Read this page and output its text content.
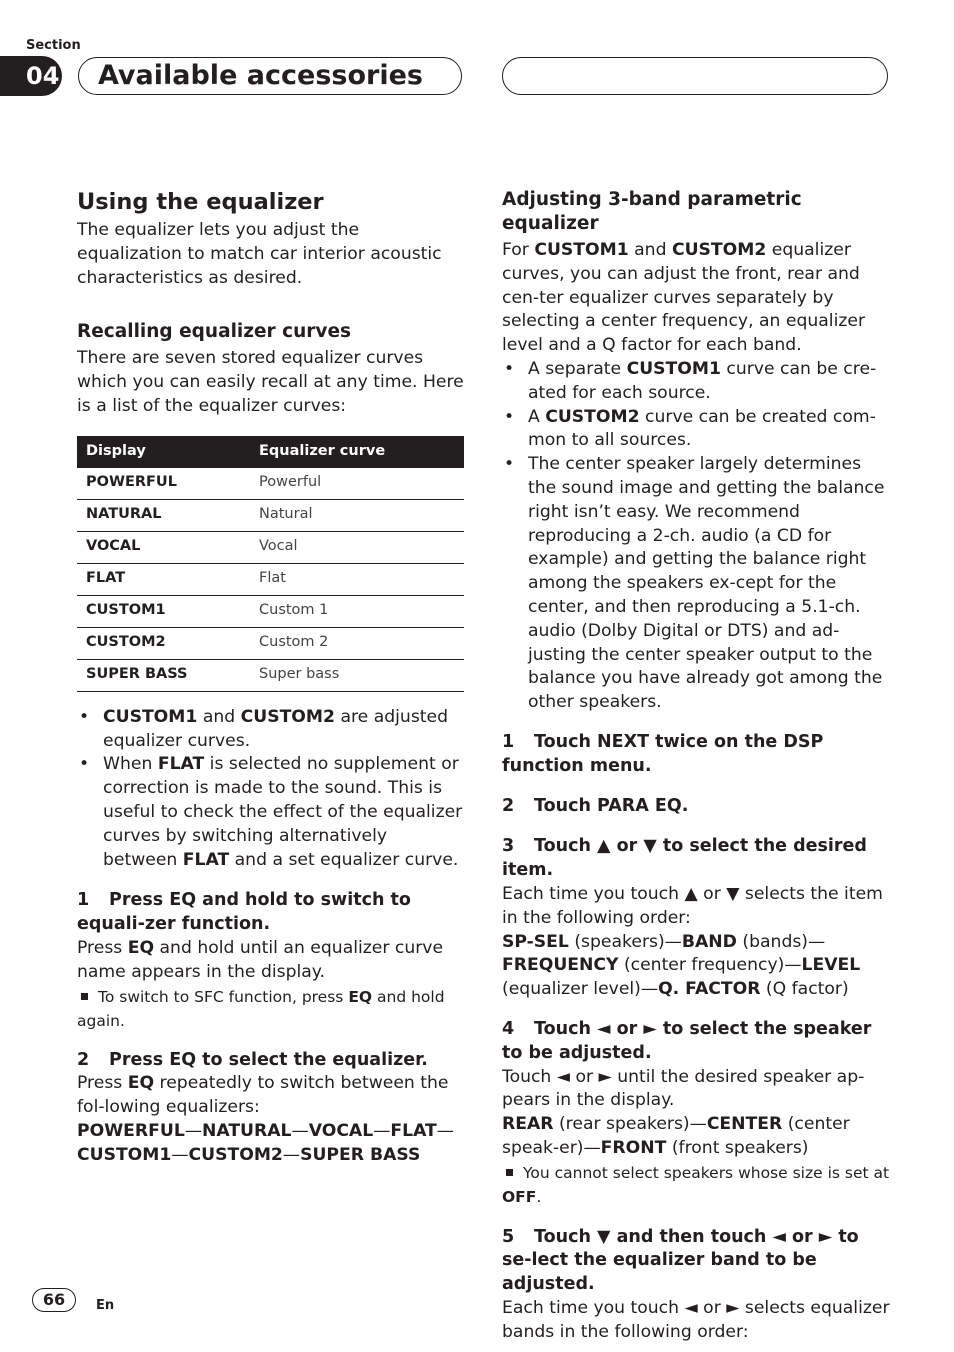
Section
04 Available accessories
Using the equalizer

The equalizer lets you adjust the equalization to match car interior acoustic characteristics as desired.

Recalling equalizer curves

There are seven stored equalizer curves which you can easily recall at any time. Here is a list of the equalizer curves:

Display	Equalizer curve
POWERFUL	Powerful
NATURAL	Natural
VOCAL	Vocal
FLAT	Flat
CUSTOM1	Custom 1
CUSTOM2	Custom 2
SUPER BASS	Super bass
• CUSTOM1 and CUSTOM2 are adjusted equalizer curves.
• When FLAT is selected no supplement or correction is made to the sound. This is useful to check the effect of the equalizer curves by switching alternatively between FLAT and a set equalizer curve.

1 Press EQ and hold to switch to equali-zer function.

Press EQ and hold until an equalizer curve name appears in the display.

To switch to SFC function, press EQ and hold again.

2 Press EQ to select the equalizer.

Press EQ repeatedly to switch between the fol-lowing equalizers:

POWERFUL—NATURAL—VOCAL—FLAT— CUSTOM1—CUSTOM2—SUPER BASS

Adjusting 3-band parametric equalizer

For CUSTOM1 and CUSTOM2 equalizer curves, you can adjust the front, rear and cen-ter equalizer curves separately by selecting a center frequency, an equalizer level and a Q factor for each band.

• A separate CUSTOM1 curve can be cre-ated for each source.
• A CUSTOM2 curve can be created com-mon to all sources.
• The center speaker largely determines the sound image and getting the balance right isn’t easy. We recommend reproducing a 2-ch. audio (a CD for example) and getting the balance right among the speakers ex-cept for the center, and then reproducing a 5.1-ch. audio (Dolby Digital or DTS) and ad-justing the center speaker output to the balance you have already got among the other speakers.

1 Touch NEXT twice on the DSP function menu.

2 Touch PARA EQ.

3 Touch ▲ or ▼ to select the desired item.

Each time you touch ▲ or ▼ selects the item in the following order:

SP-SEL (speakers)—BAND (bands)—FREQUENCY (center frequency)—LEVEL (equalizer level)—Q. FACTOR (Q factor)

4 Touch ◄ or ► to select the speaker to be adjusted.

Touch ◄ or ► until the desired speaker ap-pears in the display.

REAR (rear speakers)—CENTER (center speak-er)—FRONT (front speakers)

You cannot select speakers whose size is set at OFF.

5 Touch ▼ and then touch ◄ or ► to se-lect the equalizer band to be adjusted.

Each time you touch ◄ or ► selects equalizer bands in the following order:

66	En
